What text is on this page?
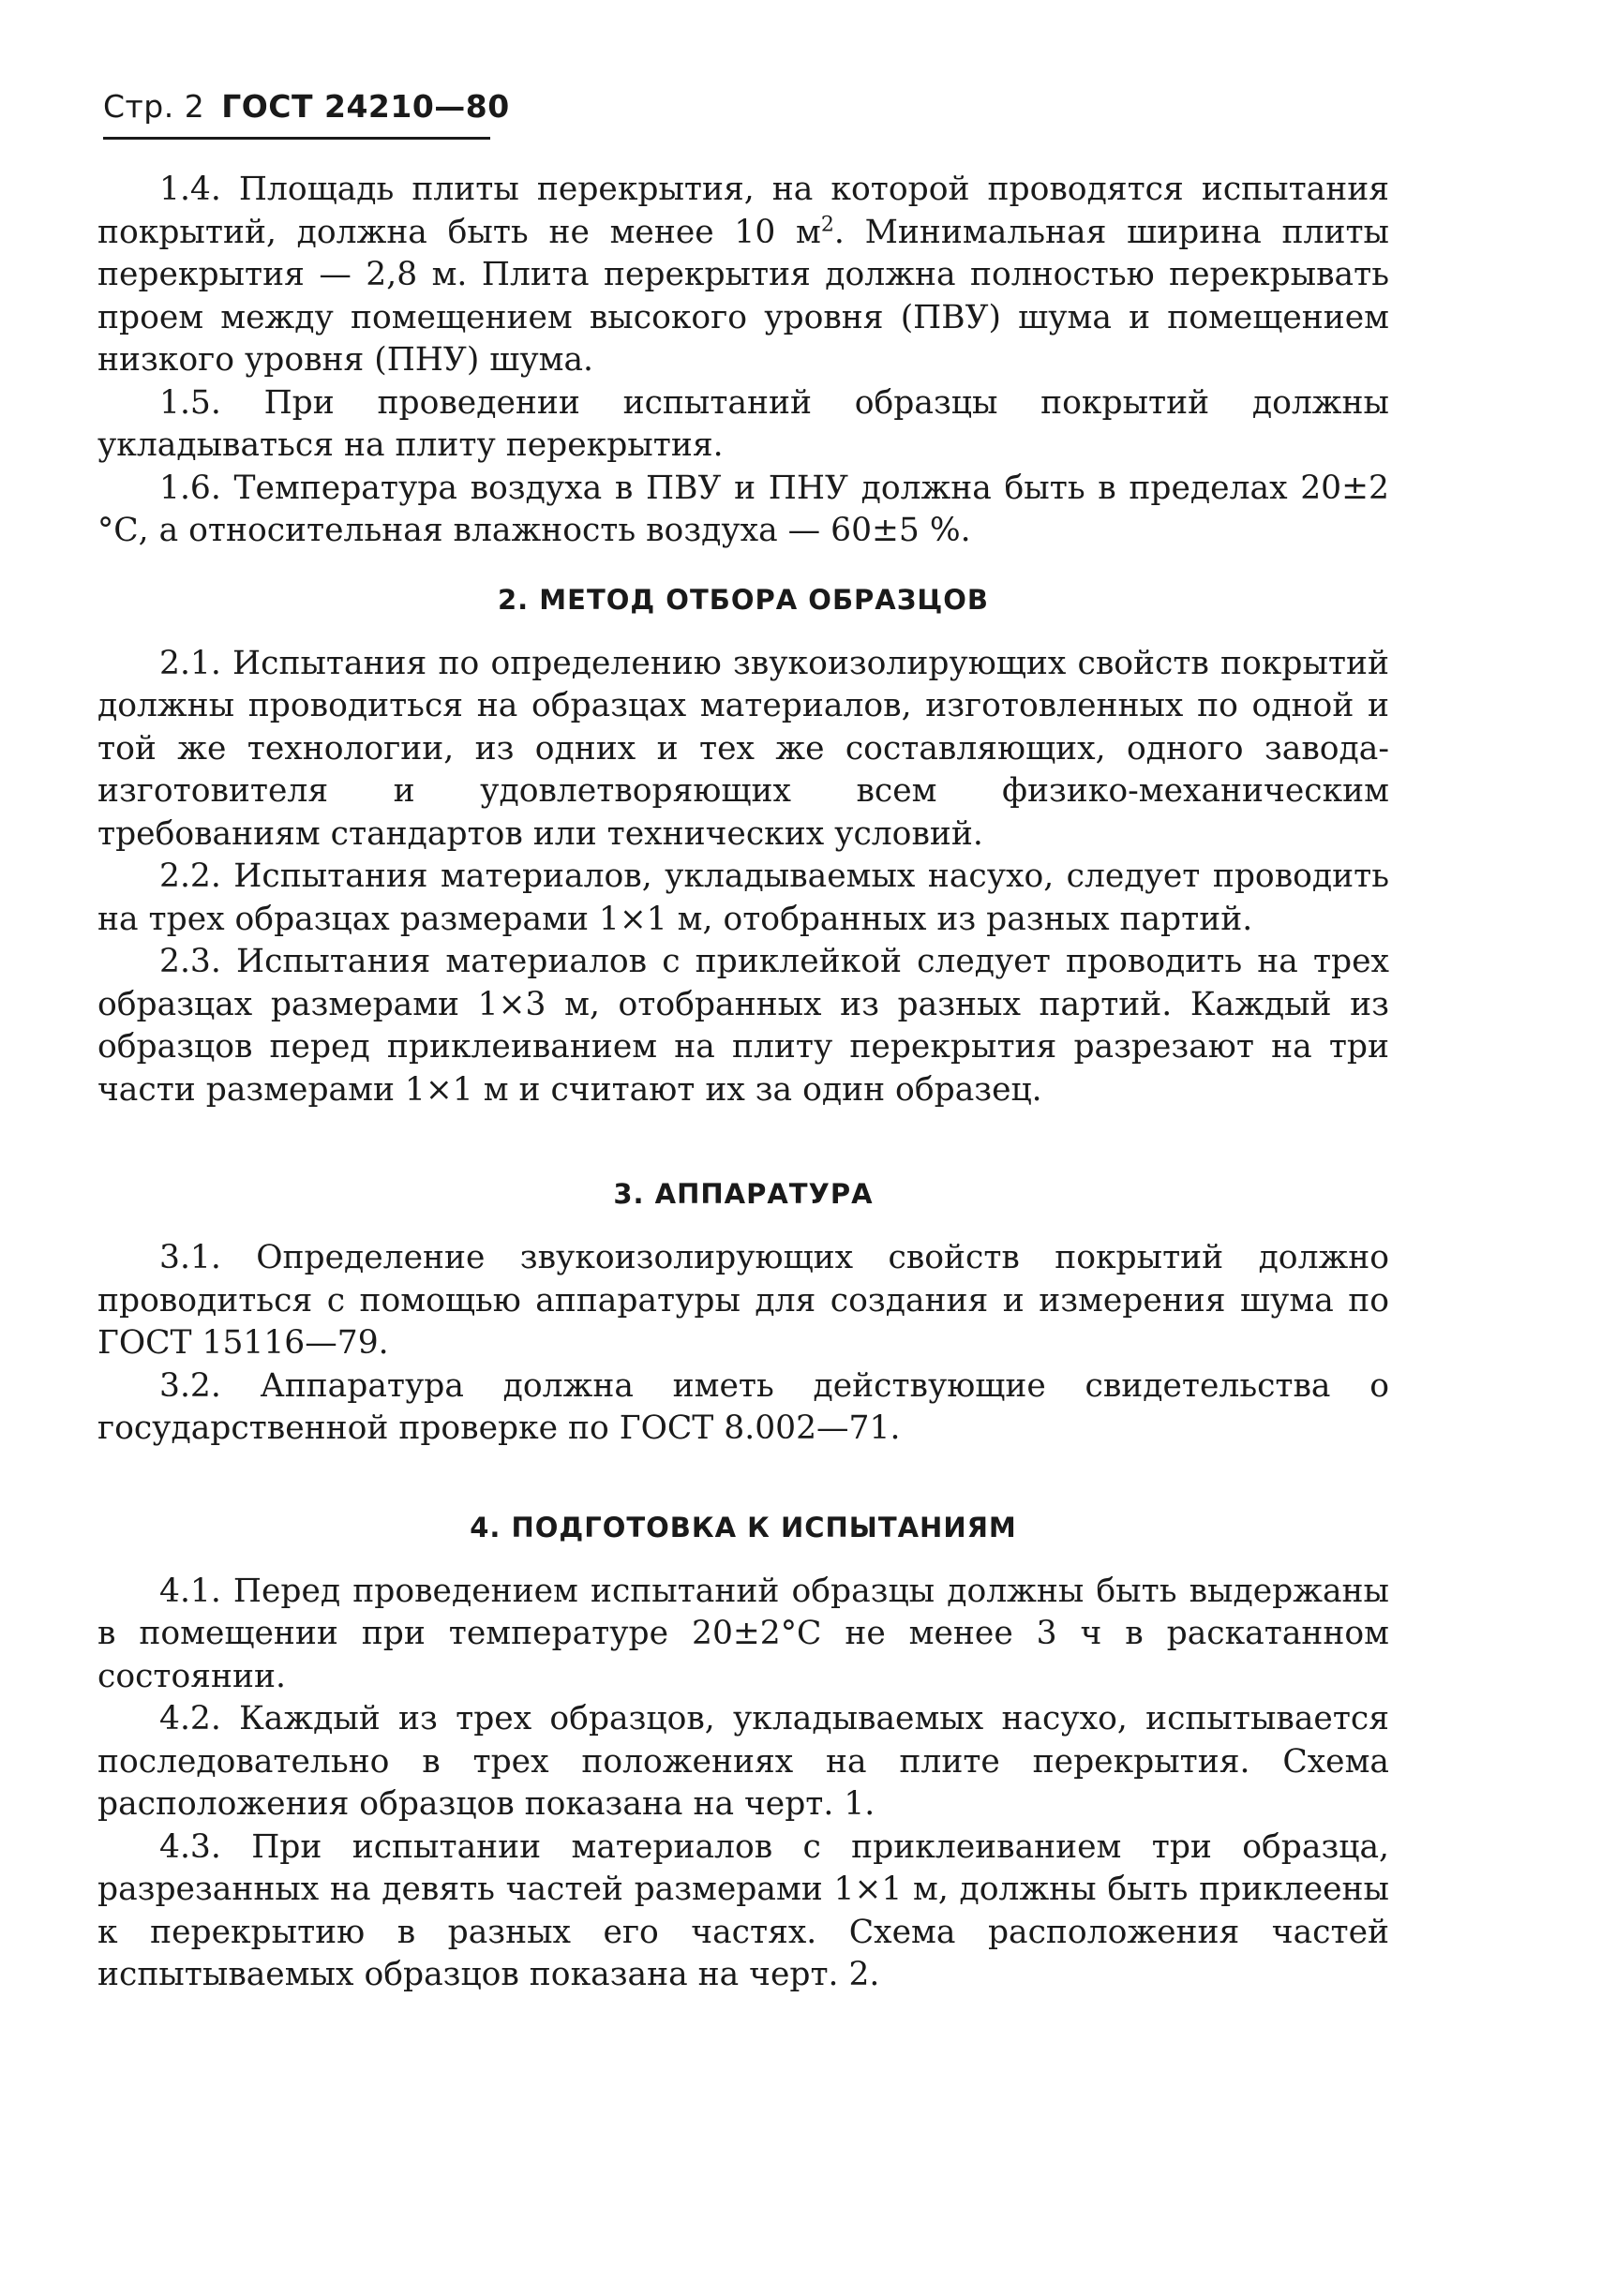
Стр. 2 ГОСТ 24210—80

1.4. Площадь плиты перекрытия, на которой проводятся испытания покрытий, должна быть не менее 10 $м^2$. Минимальная ширина плиты перекрытия — 2,8 м. Плита перекрытия должна полностью перекрывать проем между помещением высокого уровня (ПВУ) шума и помещением низкого уровня (ПНУ) шума.

1.5. При проведении испытаний образцы покрытий должны укладываться на плиту перекрытия.

1.6. Температура воздуха в ПВУ и ПНУ должна быть в пределах 20±2 °С, а относительная влажность воздуха — 60±5 %.

2. МЕТОД ОТБОРА ОБРАЗЦОВ

2.1. Испытания по определению звукоизолирующих свойств покрытий должны проводиться на образцах материалов, изготовленных по одной и той же технологии, из одних и тех же составляющих, одного завода-изготовителя и удовлетворяющих всем физико-механическим требованиям стандартов или технических условий.

2.2. Испытания материалов, укладываемых насухо, следует проводить на трех образцах размерами 1×1 м, отобранных из разных партий.

2.3. Испытания материалов с приклейкой следует проводить на трех образцах размерами 1×3 м, отобранных из разных партий. Каждый из образцов перед приклеиванием на плиту перекрытия разрезают на три части размерами 1×1 м и считают их за один образец.

3. АППАРАТУРА

3.1. Определение звукоизолирующих свойств покрытий должно проводиться с помощью аппаратуры для создания и измерения шума по ГОСТ 15116—79.

3.2. Аппаратура должна иметь действующие свидетельства о государственной проверке по ГОСТ 8.002—71.

4. ПОДГОТОВКА К ИСПЫТАНИЯМ

4.1. Перед проведением испытаний образцы должны быть выдержаны в помещении при температуре 20±2°С не менее 3 ч в раскатанном состоянии.

4.2. Каждый из трех образцов, укладываемых насухо, испытывается последовательно в трех положениях на плите перекрытия. Схема расположения образцов показана на черт. 1.

4.3. При испытании материалов с приклеиванием три образца, разрезанных на девять частей размерами 1×1 м, должны быть приклеены к перекрытию в разных его частях. Схема расположения частей испытываемых образцов показана на черт. 2.
